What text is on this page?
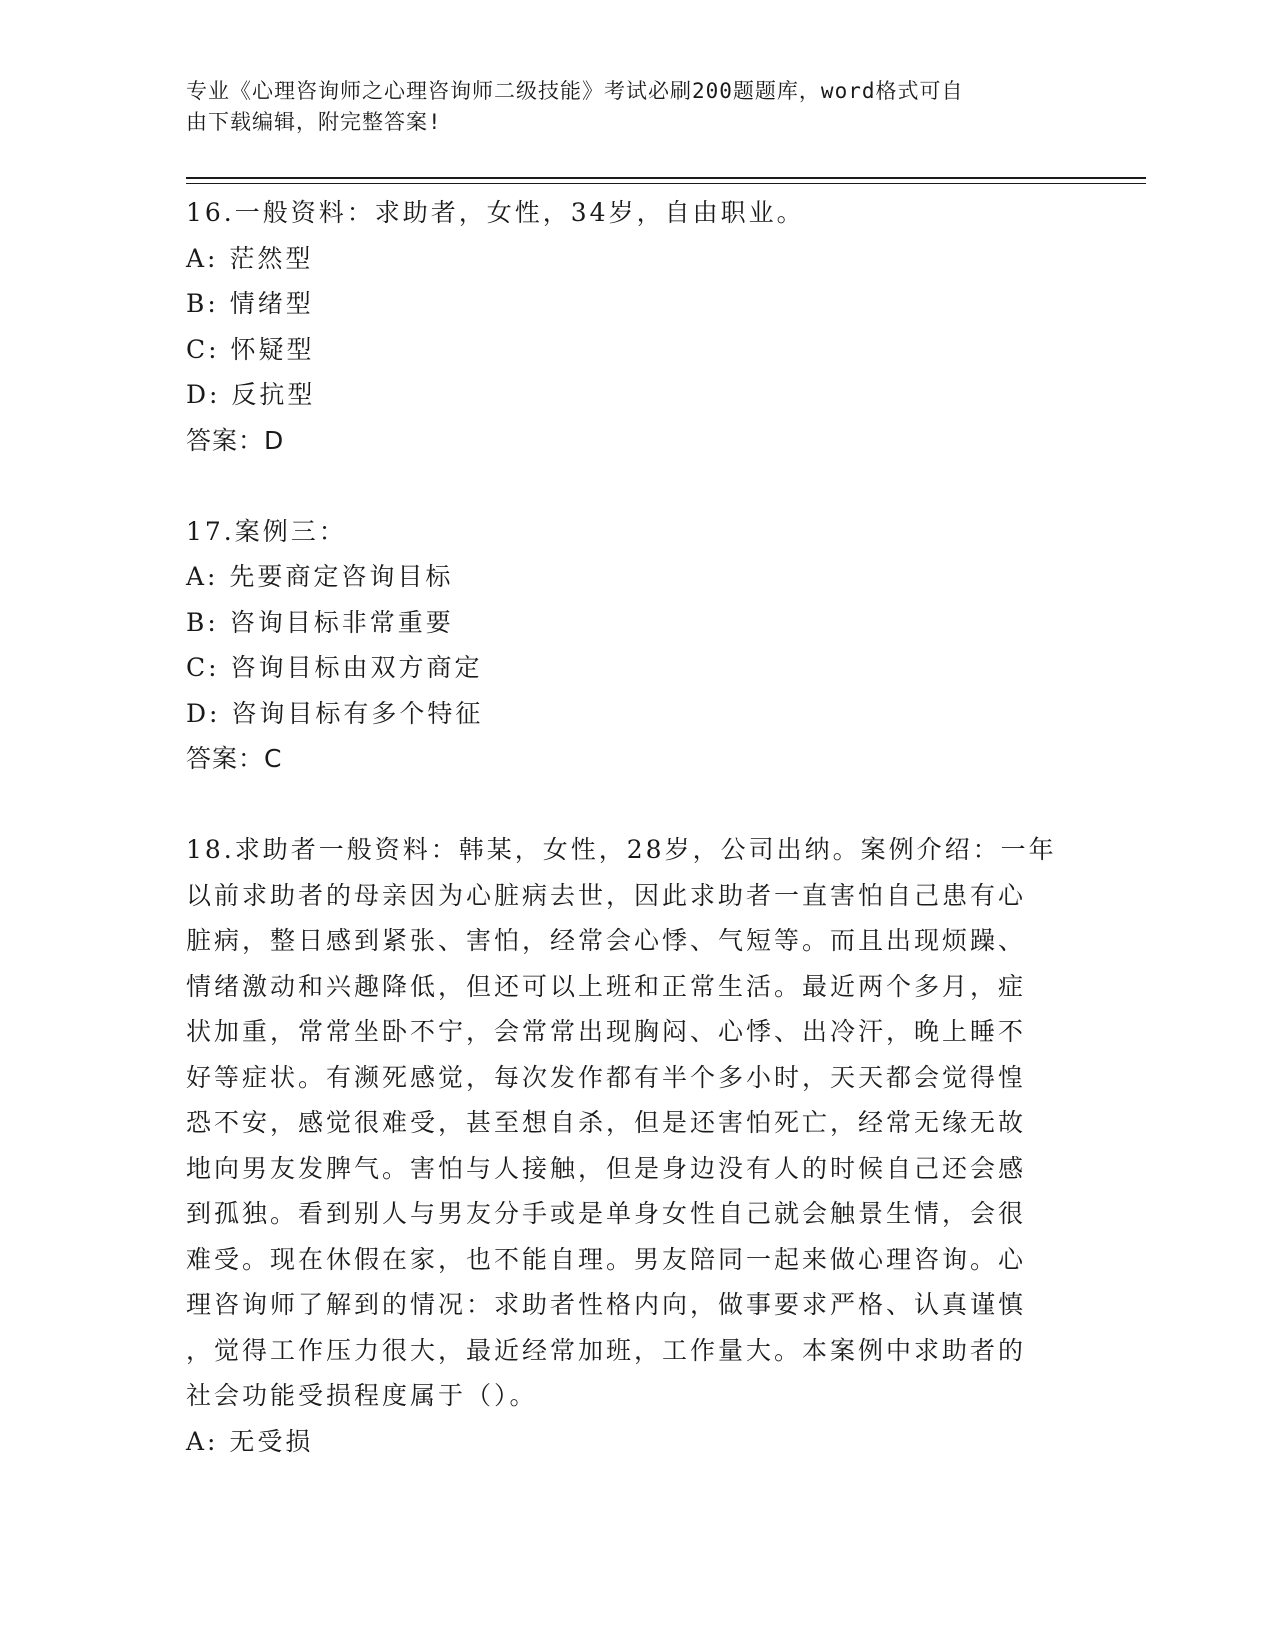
专业《心理咨询师之心理咨询师二级技能》考试必刷200题题库，word格式可自
由下载编辑，附完整答案!
16.一般资料：求助者，女性，34岁，自由职业。
A: 茫然型
B: 情绪型
C: 怀疑型
D: 反抗型
答案：D
17.案例三：
A: 先要商定咨询目标
B: 咨询目标非常重要
C: 咨询目标由双方商定
D: 咨询目标有多个特征
答案：C
18.求助者一般资料：韩某，女性，28岁，公司出纳。案例介绍：一年
以前求助者的母亲因为心脏病去世，因此求助者一直害怕自己患有心
脏病，整日感到紧张、害怕，经常会心悸、气短等。而且出现烦躁、
情绪激动和兴趣降低，但还可以上班和正常生活。最近两个多月，症
状加重，常常坐卧不宁，会常常出现胸闷、心悸、出冷汗，晚上睡不
好等症状。有濒死感觉，每次发作都有半个多小时，天天都会觉得惶
恐不安，感觉很难受，甚至想自杀，但是还害怕死亡，经常无缘无故
地向男友发脾气。害怕与人接触，但是身边没有人的时候自己还会感
到孤独。看到别人与男友分手或是单身女性自己就会触景生情，会很
难受。现在休假在家，也不能自理。男友陪同一起来做心理咨询。心
理咨询师了解到的情况：求助者性格内向，做事要求严格、认真谨慎
，觉得工作压力很大，最近经常加班，工作量大。本案例中求助者的
社会功能受损程度属于（）。
A: 无受损
